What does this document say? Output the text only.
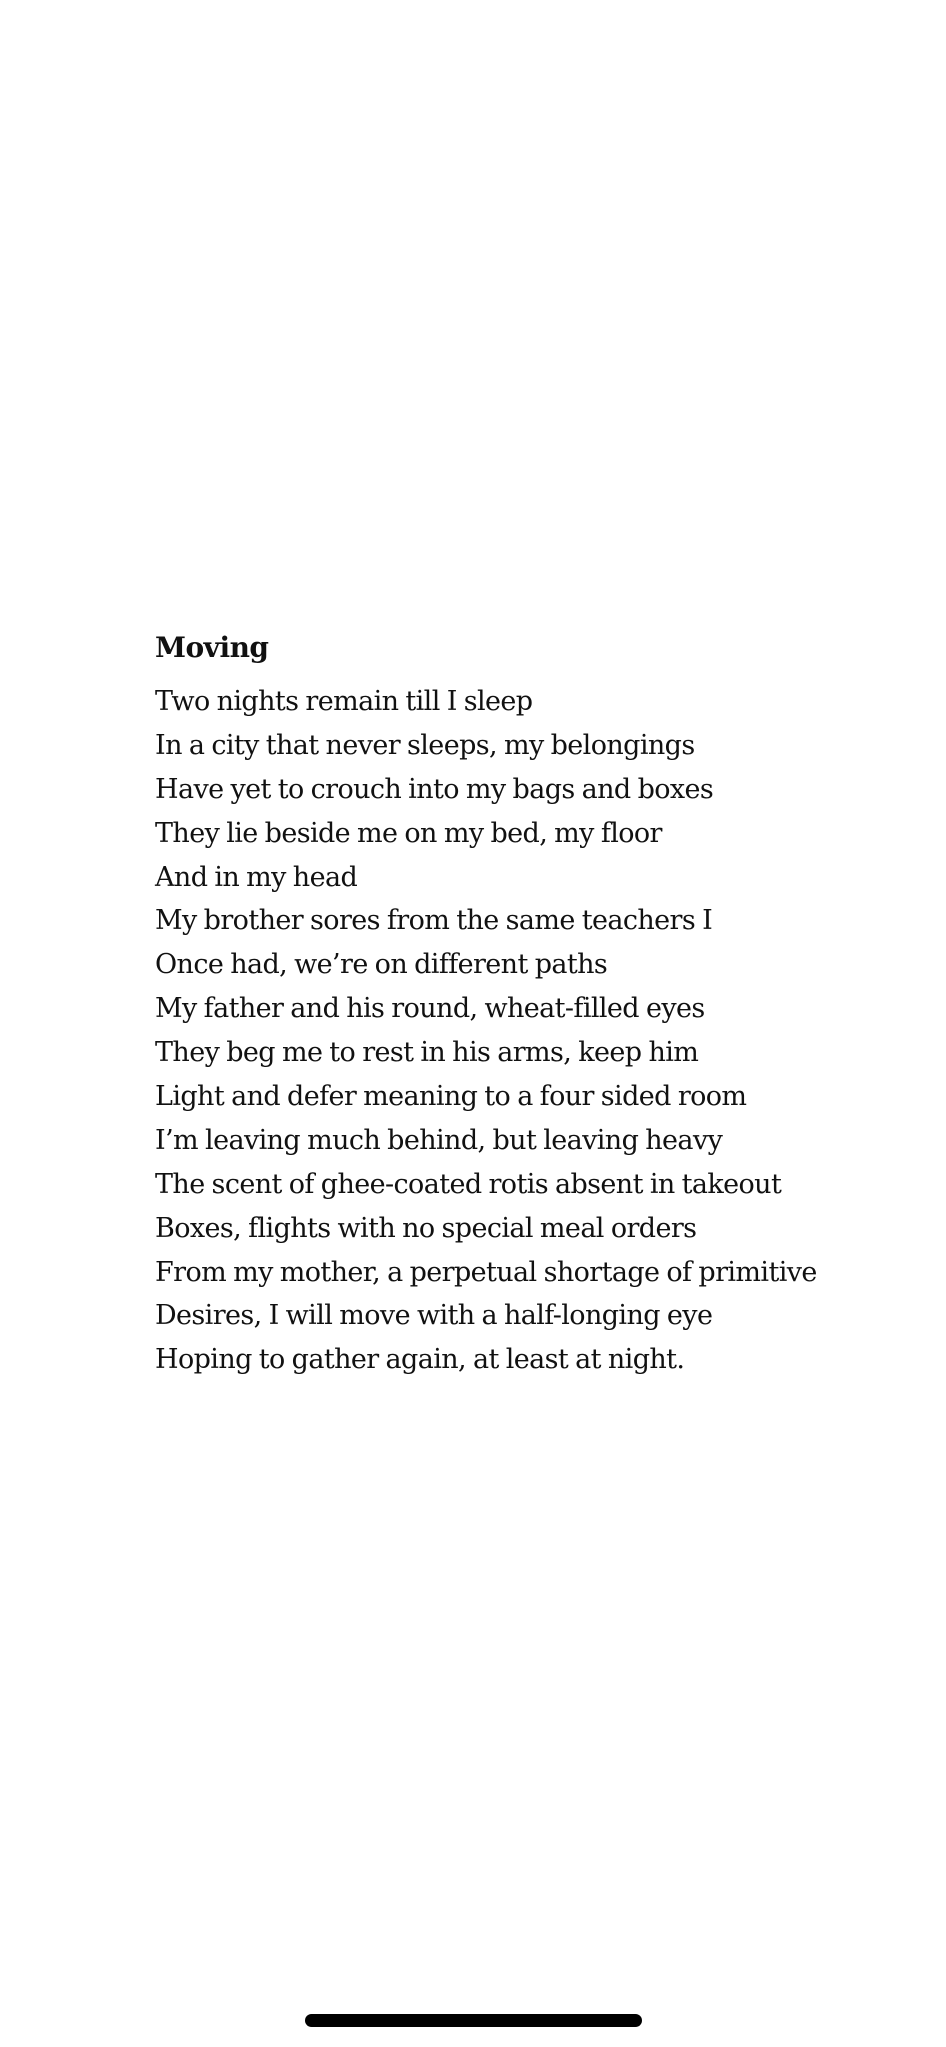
Moving
Two nights remain till I sleep
In a city that never sleeps, my belongings
Have yet to crouch into my bags and boxes
They lie beside me on my bed, my floor
And in my head
My brother sores from the same teachers I
Once had, we’re on different paths
My father and his round, wheat-filled eyes
They beg me to rest in his arms, keep him
Light and defer meaning to a four sided room
I’m leaving much behind, but leaving heavy
The scent of ghee-coated rotis absent in takeout
Boxes, flights with no special meal orders
From my mother, a perpetual shortage of primitive
Desires, I will move with a half-longing eye
Hoping to gather again, at least at night.
